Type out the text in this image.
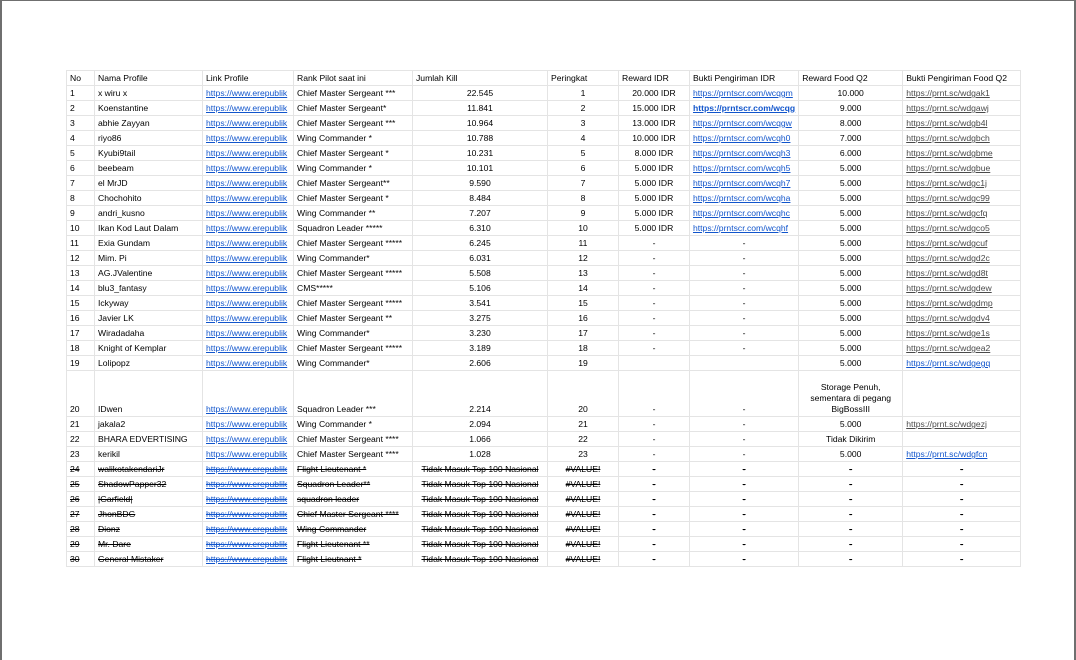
No	Nama Profile	Link Profile	Rank Pilot saat ini	Jumlah Kill	Peringkat	Reward IDR	Bukti Pengiriman IDR	Reward Food Q2	Bukti Pengiriman Food Q2
1	x wiru x	https://www.erepublik	Chief Master Sergeant ***	22.545	1	20.000 IDR	https://prntscr.com/wcqgm	10.000	https://prnt.sc/wdgak1
2	Koenstantine	https://www.erepublik	Chief Master Sergeant*	11.841	2	15.000 IDR	https://prntscr.com/wcqg	9.000	https://prnt.sc/wdgawj
3	abhie Zayyan	https://www.erepublik	Chief Master Sergeant ***	10.964	3	13.000 IDR	https://prntscr.com/wcqgw	8.000	https://prnt.sc/wdgb4l
4	riyo86	https://www.erepublik	Wing Commander *	10.788	4	10.000 IDR	https://prntscr.com/wcqh0	7.000	https://prnt.sc/wdgbch
5	Kyubi9tail	https://www.erepublik	Chief Master Sergeant *	10.231	5	8.000 IDR	https://prntscr.com/wcqh3	6.000	https://prnt.sc/wdgbme
6	beebeam	https://www.erepublik	Wing Commander *	10.101	6	5.000 IDR	https://prntscr.com/wcqh5	5.000	https://prnt.sc/wdgbue
7	el MrJD	https://www.erepublik	Chief Master Sergeant**	9.590	7	5.000 IDR	https://prntscr.com/wcqh7	5.000	https://prnt.sc/wdgc1j
8	Chochohito	https://www.erepublik	Chief Master Sergeant *	8.484	8	5.000 IDR	https://prntscr.com/wcqha	5.000	https://prnt.sc/wdgc99
9	andri_kusno	https://www.erepublik	Wing Commander **	7.207	9	5.000 IDR	https://prntscr.com/wcqhc	5.000	https://prnt.sc/wdgcfq
10	Ikan Kod Laut Dalam	https://www.erepublik	Squadron Leader *****	6.310	10	5.000 IDR	https://prntscr.com/wcqhf	5.000	https://prnt.sc/wdgco5
11	Exia Gundam	https://www.erepublik	Chief Master Sergeant *****	6.245	11	-	-	5.000	https://prnt.sc/wdgcuf
12	Mim. Pi	https://www.erepublik	Wing Commander*	6.031	12	-	-	5.000	https://prnt.sc/wdgd2c
13	AG.JValentine	https://www.erepublik	Chief Master Sergeant *****	5.508	13	-	-	5.000	https://prnt.sc/wdgd8t
14	blu3_fantasy	https://www.erepublik	CMS*****	5.106	14	-	-	5.000	https://prnt.sc/wdgdew
15	Ickyway	https://www.erepublik	Chief Master Sergeant *****	3.541	15	-	-	5.000	https://prnt.sc/wdgdmp
16	Javier LK	https://www.erepublik	Chief Master Sergeant **	3.275	16	-	-	5.000	https://prnt.sc/wdgdv4
17	Wiradadaha	https://www.erepublik	Wing Commander*	3.230	17	-	-	5.000	https://prnt.sc/wdge1s
18	Knight of Kemplar	https://www.erepublik	Chief Master Sergeant *****	3.189	18	-	-	5.000	https://prnt.sc/wdgea2
19	Lolipopz	https://www.erepublik	Wing Commander*	2.606	19			5.000	https://prnt.sc/wdgegq
20	IDwen	https://www.erepublik	Squadron Leader ***	2.214	20	-	-	Storage Penuh, sementara di pegang BigBossIII	
21	jakala2	https://www.erepublik	Wing Commander *	2.094	21	-	-	5.000	https://prnt.sc/wdgezj
22	BHARA EDVERTISING	https://www.erepublik	Chief Master Sergeant ****	1.066	22	-	-	Tidak Dikirim	
23	kerikil	https://www.erepublik	Chief Master Sergeant ****	1.028	23	-	-	5.000	https://prnt.sc/wdgfcn
24	walikotakendariJr	https://www.erepublik	Flight Lieutenant *	Tidak Masuk Top 100 Nasional	#VALUE!	-	-	-	-
25	ShadowPapper32	https://www.erepublik	Squadron Leader**	Tidak Masuk Top 100 Nasional	#VALUE!	-	-	-	-
26	|Garfield|	https://www.erepublik	squadron leader	Tidak Masuk Top 100 Nasional	#VALUE!	-	-	-	-
27	JhonBDG	https://www.erepublik	Chief Master Sergeant ****	Tidak Masuk Top 100 Nasional	#VALUE!	-	-	-	-
28	Dionz	https://www.erepublik	Wing Commander	Tidak Masuk Top 100 Nasional	#VALUE!	-	-	-	-
29	Mr. Dare	https://www.erepublik	Flight Lieutenant **	Tidak Masuk Top 100 Nasional	#VALUE!	-	-	-	-
30	General Mistaker	https://www.erepublik	Flight Lieutnant *	Tidak Masuk Top 100 Nasional	#VALUE!	-	-	-	-
